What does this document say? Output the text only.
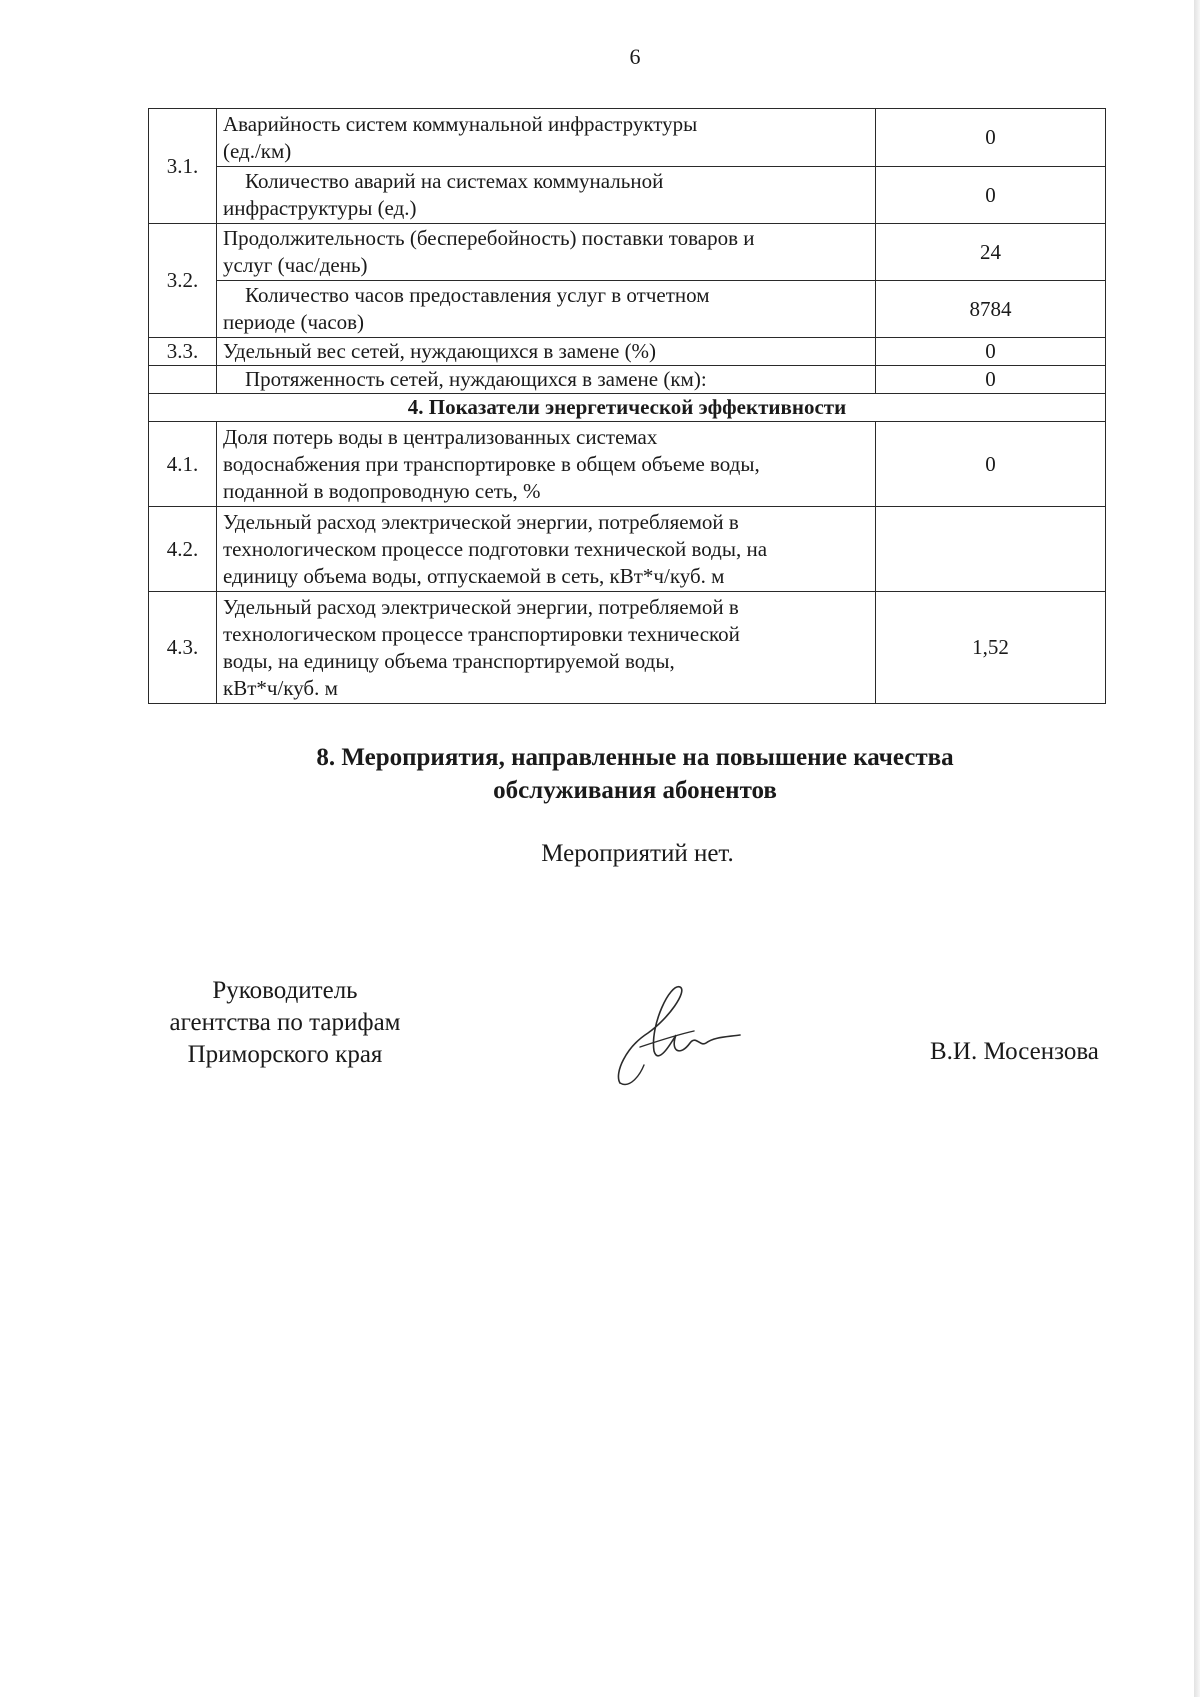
6
3.1.	Аварийность систем коммунальной инфраструктуры
(ед./км)	0
	Количество аварий на системах коммунальной
инфраструктуры (ед.)	0
3.2.	Продолжительность (бесперебойность) поставки товаров и
услуг (час/день)	24
	Количество часов предоставления услуг в отчетном
периоде (часов)	8784
3.3.	Удельный вес сетей, нуждающихся в замене (%)	0
	Протяженность сетей, нуждающихся в замене (км):	0
4. Показатели энергетической эффективности		
4.1.	Доля потерь воды в централизованных системах
водоснабжения при транспортировке в общем объеме воды,
поданной в водопроводную сеть, %	0
4.2.	Удельный расход электрической энергии, потребляемой в
технологическом процессе подготовки технической воды, на
единицу объема воды, отпускаемой в сеть, кВт*ч/куб. м	
4.3.	Удельный расход электрической энергии, потребляемой в
технологическом процессе транспортировки технической
воды, на единицу объема транспортируемой воды,
кВт*ч/куб. м	1,52
8. Мероприятия, направленные на повышение качества
обслуживания абонентов
Мероприятий нет.
Руководитель
агентства по тарифам
Приморского края	В.И. Мосензова
